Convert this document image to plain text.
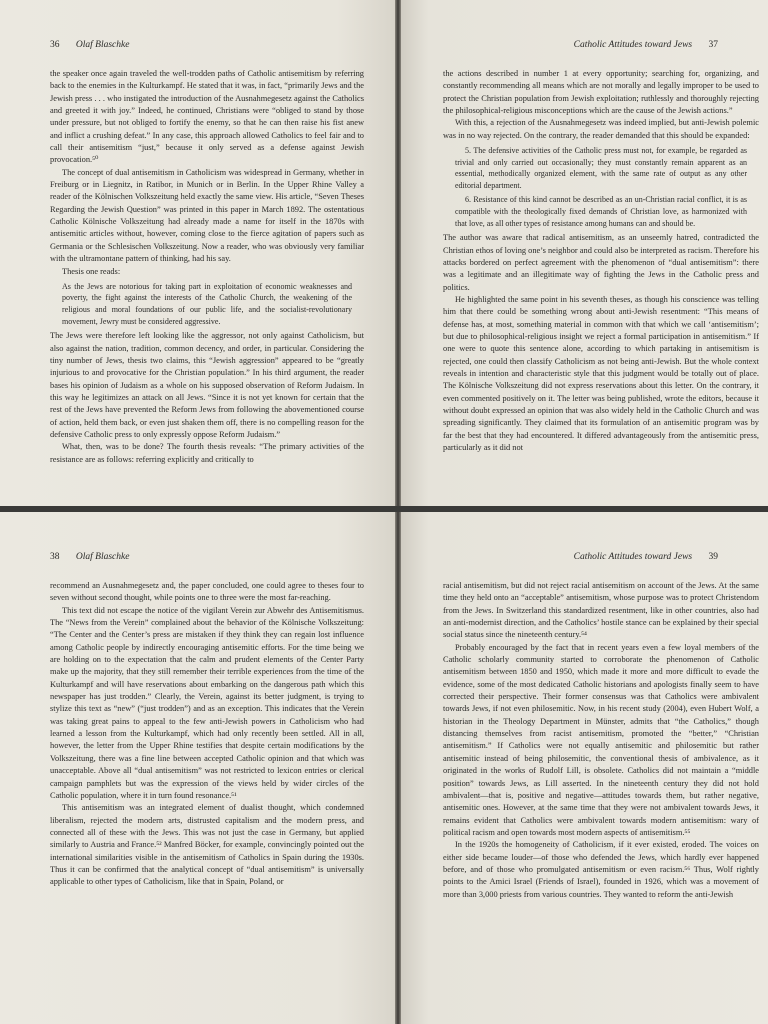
36 Olaf Blaschke

the speaker once again traveled the well-trodden paths of Catholic antisemitism by referring back to the enemies in the Kulturkampf. He stated that it was, in fact, “primarily Jews and the Jewish press . . . who instigated the introduction of the Ausnahmegesetz against the Catholics and greeted it with joy.” Indeed, he continued, Christians were “obliged to stand by those under pressure, but not obliged to fortify the enemy, so that he can then raise his fist anew and inflict a crushing defeat.” In any case, this approach allowed Catholics to feel fair and to call their antisemitism “just,” because it only served as a defense against Jewish provocation.⁵⁰

The concept of dual antisemitism in Catholicism was widespread in Germany, whether in Freiburg or in Liegnitz, in Ratibor, in Munich or in Berlin. In the Upper Rhine Valley a reader of the Kölnischen Volkszeitung held exactly the same view. His article, “Seven Theses Regarding the Jewish Question” was printed in this paper in March 1892. The ostentatious Catholic Kölnische Volkszeitung had already made a name for itself in the 1870s with antisemitic articles without, however, coming close to the fierce agitation of papers such as Germania or the Schlesischen Volkszeitung. Now a reader, who was obviously very familiar with the ultramontane pattern of thinking, had his say.

Thesis one reads:

As the Jews are notorious for taking part in exploitation of economic weaknesses and poverty, the fight against the interests of the Catholic Church, the weakening of the religious and moral foundations of our public life, and the socialist-revolutionary movement, Jewry must be considered aggressive.

The Jews were therefore left looking like the aggressor, not only against Catholicism, but also against the nation, tradition, common decency, and order, in particular. Considering the tiny number of Jews, thesis two claims, this “Jewish aggression” appeared to be “greatly injurious to and provocative for the Christian population.” In his third argument, the reader bases his opinion of Judaism as a whole on his supposed observation of Reform Judaism. In this way he legitimizes an attack on all Jews. “Since it is not yet known for certain that the rest of the Jews have prevented the Reform Jews from following the abovementioned course of action, held them back, or even just shaken them off, there is no compelling reason for the defensive Catholic press to only expressly oppose Reform Judaism.”

What, then, was to be done? The fourth thesis reveals: “The primary activities of the resistance are as follows: referring explicitly and critically to

Catholic Attitudes toward Jews 37

the actions described in number 1 at every opportunity; searching for, organizing, and constantly recommending all means which are not morally and legally improper to be used to protect the Christian population from Jewish exploitation; ruthlessly and thoroughly rejecting the philosophical-religious misconceptions which are the cause of the Jewish actions.”

With this, a rejection of the Ausnahmegesetz was indeed implied, but anti-Jewish polemic was in no way rejected. On the contrary, the reader demanded that this should be expanded:

5. The defensive activities of the Catholic press must not, for example, be regarded as trivial and only carried out occasionally; they must constantly remain apparent as an essential, methodically organized element, with the same rate of output as any other editorial department.

6. Resistance of this kind cannot be described as an un-Christian racial conflict, it is as compatible with the theologically fixed demands of Christian love, as harmonized with that love, as all other types of resistance among humans can and should be.

The author was aware that radical antisemitism, as an unseemly hatred, contradicted the Christian ethos of loving one’s neighbor and could also be interpreted as racism. Therefore his attacks bordered on perfect agreement with the phenomenon of “dual antisemitism”: there was a legitimate and an illegitimate way of fighting the Jews in the Catholic press and politics.

He highlighted the same point in his seventh theses, as though his conscience was telling him that there could be something wrong about anti-Jewish resentment: “This means of defense has, at most, something material in common with that which we call ‘antisemitism’; but due to philosophical-religious insight we reject a formal participation in antisemitism.” If one were to quote this sentence alone, according to which partaking in antisemitism is rejected, one could then classify Catholicism as not being anti-Jewish. But the whole context reveals in intention and characteristic style that this judgment would be totally out of place. The Kölnische Volkszeitung did not express reservations about this letter. On the contrary, it even commented positively on it. The letter was being published, wrote the editors, because it without doubt expressed an opinion that was also widely held in the Catholic Church and was spreading significantly. They claimed that its formulation of an antisemitic program was by far the best that they had encountered. It differed advantageously from the antisemitic press, particularly as it did not

38 Olaf Blaschke

recommend an Ausnahmegesetz and, the paper concluded, one could agree to theses four to seven without second thought, while points one to three were the most far-reaching.

This text did not escape the notice of the vigilant Verein zur Abwehr des Antisemitismus. The “News from the Verein” complained about the behavior of the Kölnische Volkszeitung: “The Center and the Center’s press are mistaken if they think they can regain lost influence among Catholic people by indirectly encouraging antisemitic efforts. For the time being we are holding on to the expectation that the calm and prudent elements of the Center Party make up the majority, that they still remember their terrible experiences from the time of the Kulturkampf and will have reservations about embarking on the dangerous path which this newspaper has just trodden.” Clearly, the Verein, against its better judgment, is trying to stylize this text as “new” (“just trodden”) and as an exception. This indicates that the Verein was taking great pains to appeal to the few anti-Jewish powers in Catholicism who had learned a lesson from the Kulturkampf, which had only recently been settled. All in all, however, the letter from the Upper Rhine testifies that despite certain modifications by the Volkszeitung, there was a fine line between accepted Catholic opinion and that which was unacceptable. Above all “dual antisemitism” was not restricted to lexicon entries or clerical campaign pamphlets but was the expression of the views held by wider circles of the Catholic population, where it in turn found resonance.⁵¹

This antisemitism was an integrated element of dualist thought, which condemned liberalism, rejected the modern arts, distrusted capitalism and the modern press, and connected all of these with the Jews. This was not just the case in Germany, but applied similarly to Austria and France.⁵² Manfred Böcker, for example, convincingly pointed out the international similarities visible in the antisemitism of Catholics in Spain during the 1930s. Thus it can be confirmed that the analytical concept of “dual antisemitism” is universally applicable to other types of Catholicism, like that in Spain, Poland, or

Catholic Attitudes toward Jews 39

racial antisemitism, but did not reject racial antisemitism on account of the Jews. At the same time they held onto an “acceptable” antisemitism, whose purpose was to protect Christendom from the Jews. In Switzerland this standardized resentment, like in other countries, also had an anti-modernist direction, and the Catholics’ hostile stance can be explained by their special social status since the nineteenth century.⁵⁴

Probably encouraged by the fact that in recent years even a few loyal members of the Catholic scholarly community started to corroborate the phenomenon of Catholic antisemitism between 1850 and 1950, which made it more and more difficult to evade the evidence, some of the most dedicated Catholic historians and apologists finally seem to have corrected their perspective. Their former consensus was that Catholics were ambivalent towards Jews, if not even philosemitic. Now, in his recent study (2004), even Hubert Wolf, a historian in the Theology Department in Münster, admits that “the Catholics,” though distancing themselves from racist antisemitism, promoted the “better,” “Christian antisemitism.” If Catholics were not equally antisemitic and philosemitic but rather antisemitic instead of being philosemitic, the conventional thesis of ambivalence, as it originated in the works of Rudolf Lill, is obsolete. Catholics did not maintain a “middle position” towards Jews, as Lill asserted. In the nineteenth century they did not hold ambivalent—that is, positive and negative—attitudes towards them, but rather negative, antisemitic ones. However, at the same time that they were not ambivalent towards Jews, it remains evident that Catholics were ambivalent towards modern antisemitism: wary of political racism and open towards most modern aspects of antisemitism.⁵⁵

In the 1920s the homogeneity of Catholicism, if it ever existed, eroded. The voices on either side became louder—of those who defended the Jews, which hardly ever happened before, and of those who promulgated antisemitism or even racism.⁵⁶ Thus, Wolf rightly points to the Amici Israel (Friends of Israel), founded in 1926, which was a movement of more than 3,000 priests from various countries. They wanted to reform the anti-Jewish
